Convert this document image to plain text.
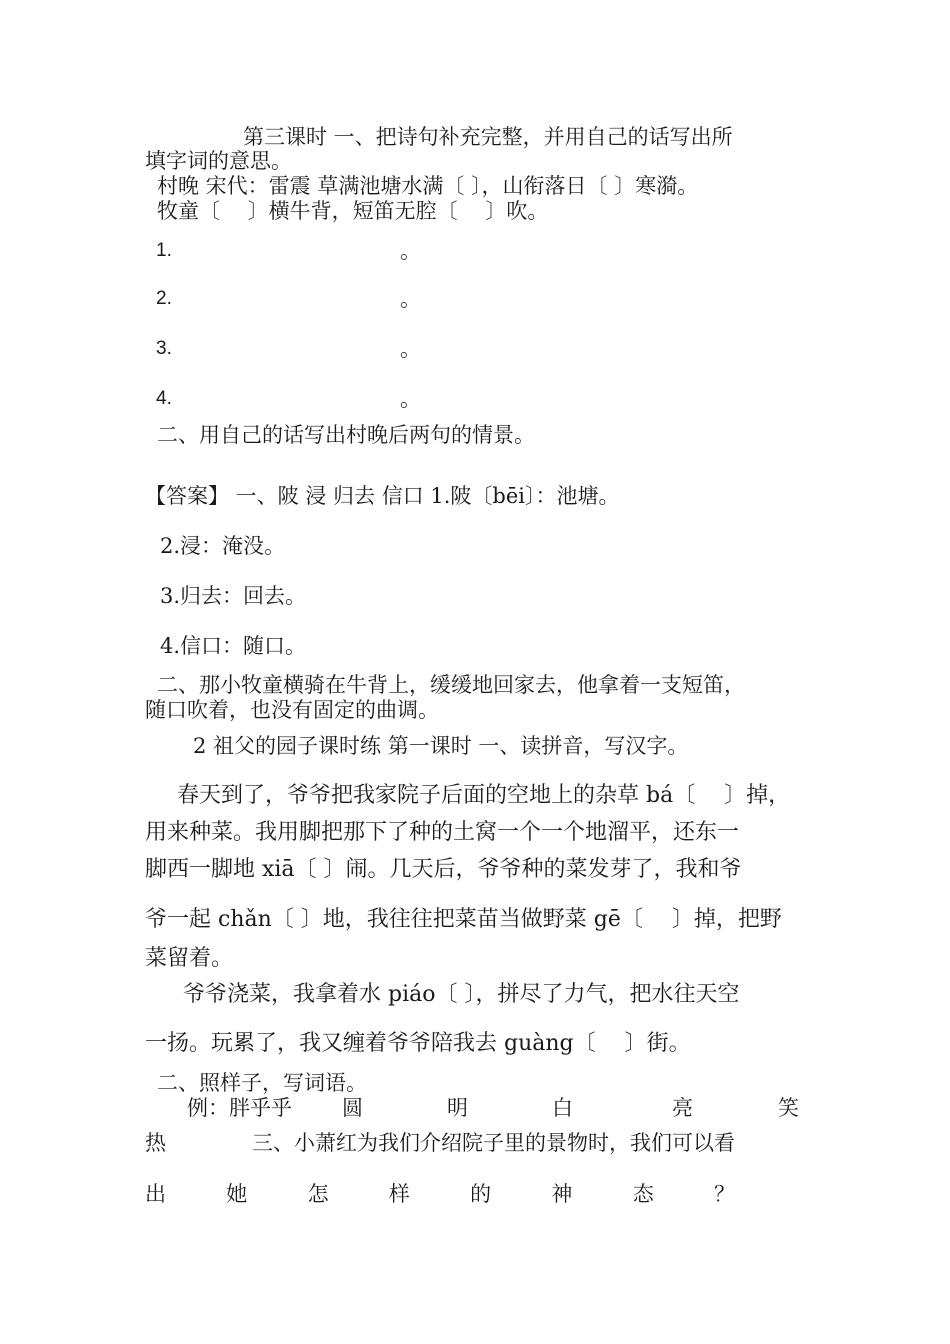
第三课时 一、把诗句补充完整，并用自己的话写出所
填字词的意思。
村晚 宋代：雷震 草满池塘水满〔 〕，山衔落日〔 〕寒漪。
牧童〔　 〕横牛背，短笛无腔〔　 〕吹。
1.	。
2.	。
3.	。
4.	。
二、用自己的话写出村晚后两句的情景。
【答案】 一、陂 浸 归去 信口 1.陂〔bēi〕：池塘。
2.浸：淹没。
3.归去：回去。
4.信口：随口。
二、那小牧童横骑在牛背上，缓缓地回家去，他拿着一支短笛，
随口吹着，也没有固定的曲调。
2 祖父的园子课时练 第一课时 一、读拼音，写汉字。
春天到了，爷爷把我家院子后面的空地上的杂草 bá〔　 〕掉，
用来种菜。我用脚把那下了种的土窝一个一个地溜平，还东一
脚西一脚地 xiā〔 〕闹。几天后，爷爷种的菜发芽了，我和爷
爷一起 chǎn〔 〕地，我往往把菜苗当做野菜 gē〔　 〕掉，把野
菜留着。
爷爷浇菜，我拿着水 piáo〔 〕，拼尽了力气，把水往天空
一扬。玩累了，我又缠着爷爷陪我去 guàng〔　 〕街。
二、照样子，写词语。
例：胖乎乎 圆	明	白	亮	笑
热	三、小萧红为我们介绍院子里的景物时，我们可以看
出	她	怎	样	的	神	态	？
